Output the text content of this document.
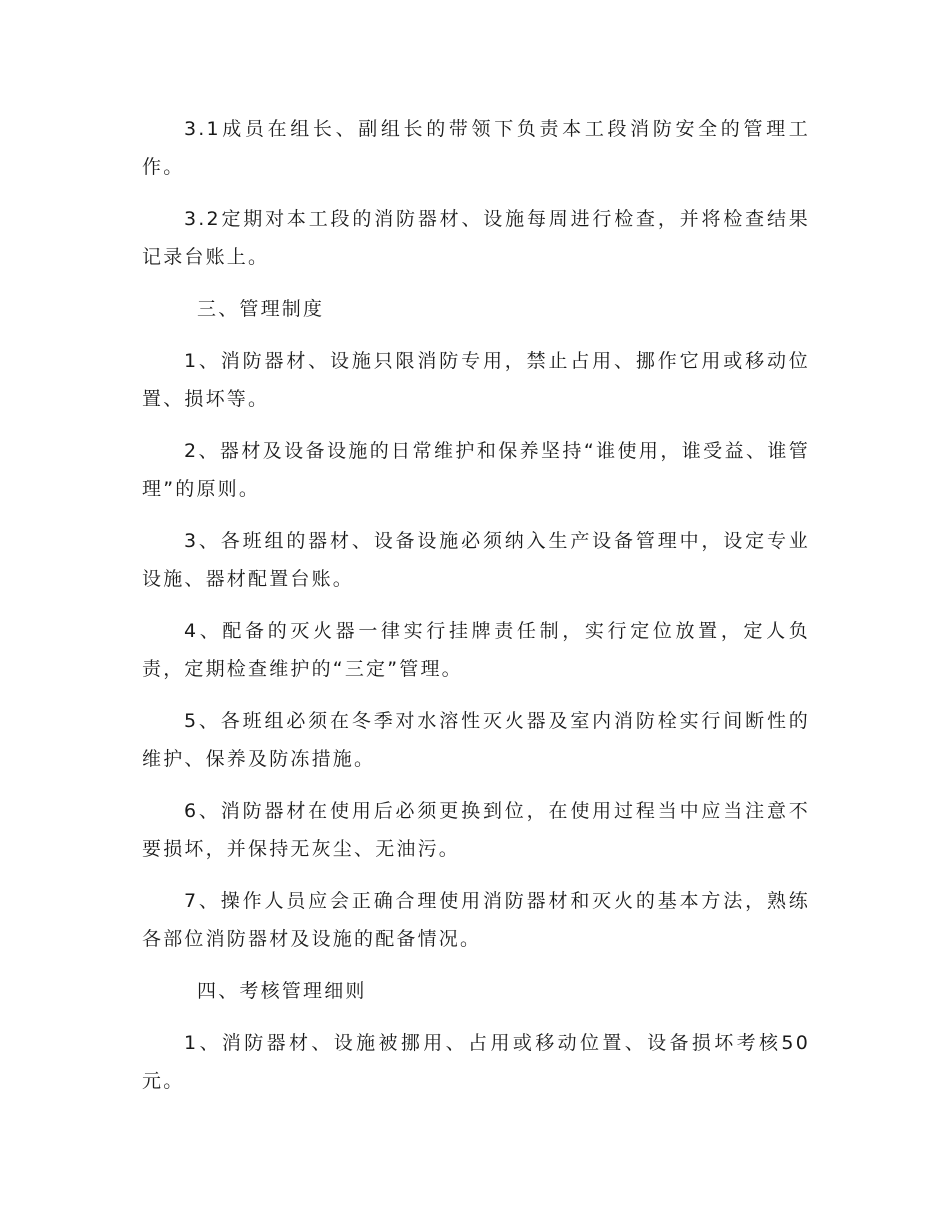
3.1成员在组长、副组长的带领下负责本工段消防安全的管理工作。

3.2定期对本工段的消防器材、设施每周进行检查，并将检查结果记录台账上。

三、管理制度

1、消防器材、设施只限消防专用，禁止占用、挪作它用或移动位置、损坏等。

2、器材及设备设施的日常维护和保养坚持“谁使用，谁受益、谁管理”的原则。

3、各班组的器材、设备设施必须纳入生产设备管理中，设定专业设施、器材配置台账。

4、配备的灭火器一律实行挂牌责任制，实行定位放置，定人负责，定期检查维护的“三定”管理。

5、各班组必须在冬季对水溶性灭火器及室内消防栓实行间断性的维护、保养及防冻措施。

6、消防器材在使用后必须更换到位，在使用过程当中应当注意不要损坏，并保持无灰尘、无油污。

7、操作人员应会正确合理使用消防器材和灭火的基本方法，熟练各部位消防器材及设施的配备情况。

四、考核管理细则

1、消防器材、设施被挪用、占用或移动位置、设备损坏考核50元。
